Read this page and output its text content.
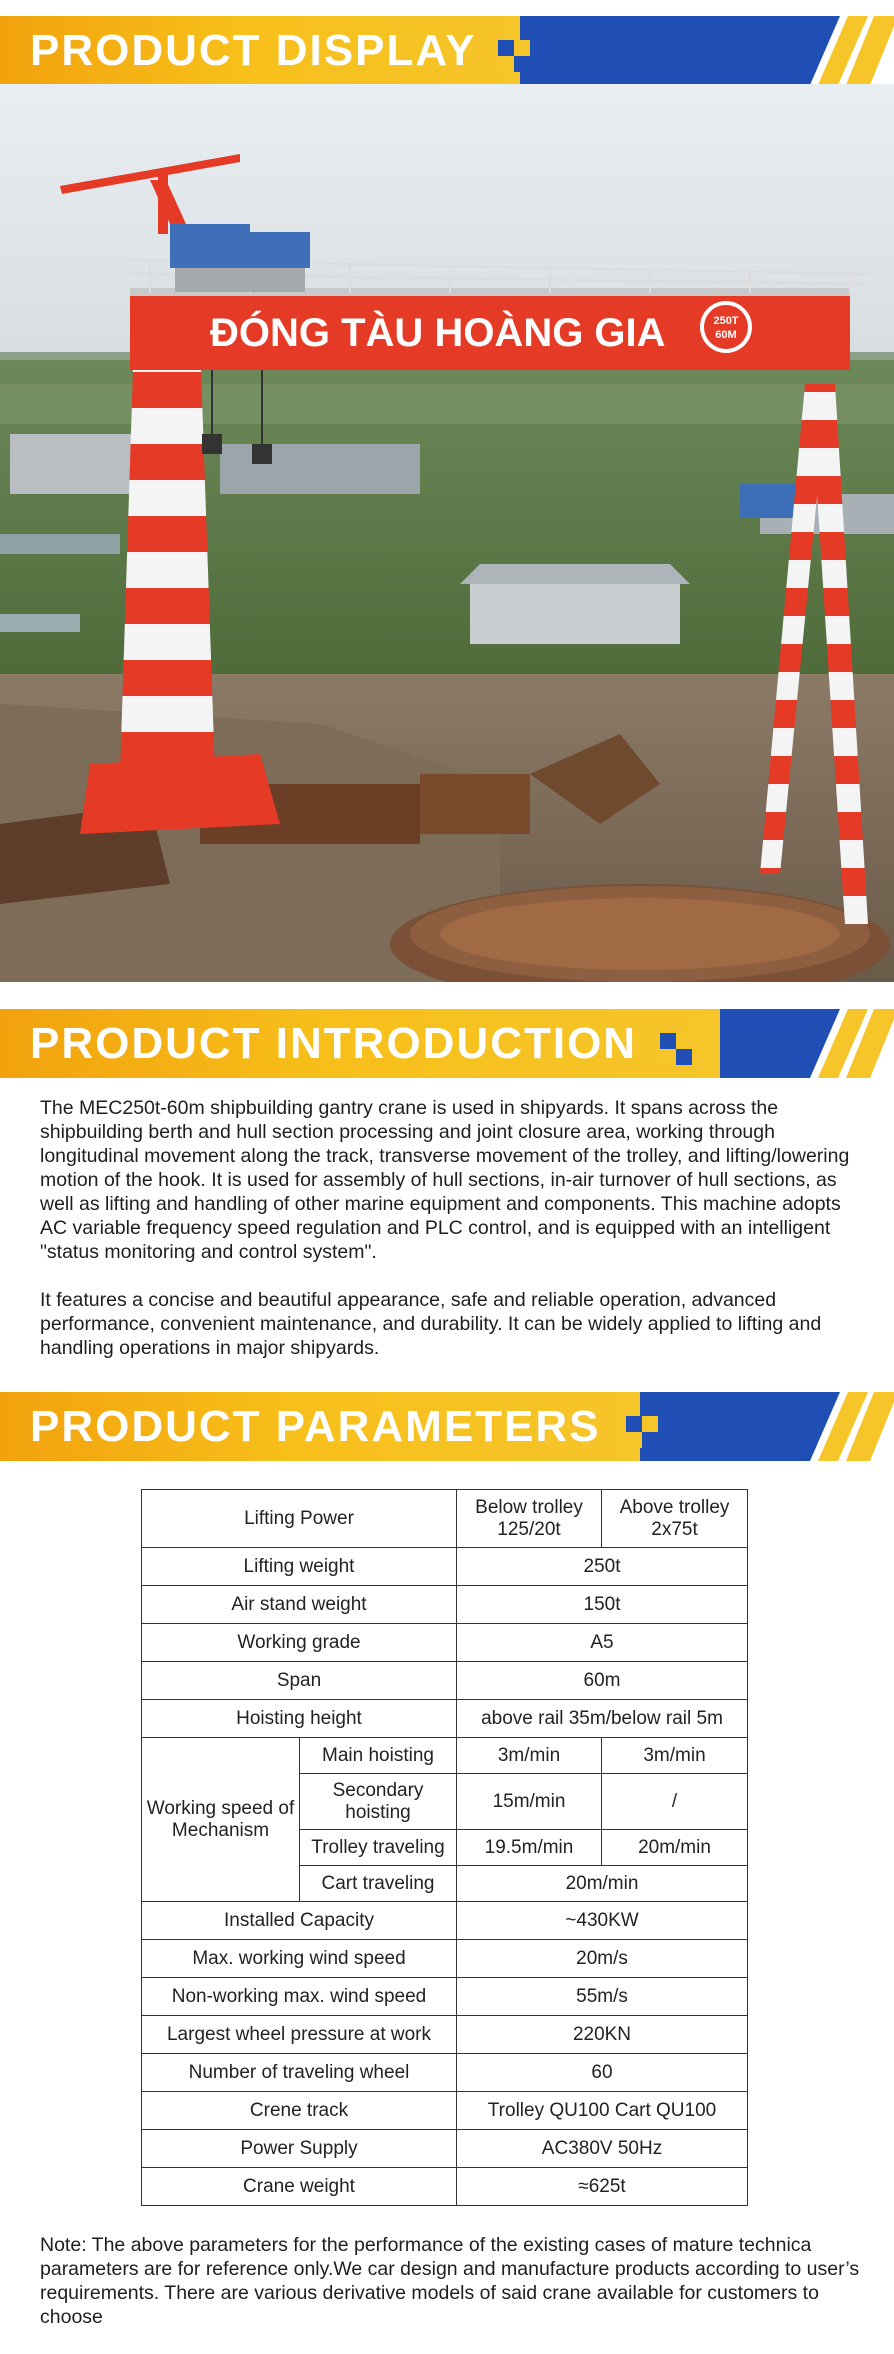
PRODUCT DISPLAY
ĐÓNG TÀU HOÀNG GIA	250T
60M
PRODUCT INTRODUCTION

The MEC250t-60m shipbuilding gantry crane is used in shipyards. It spans across the shipbuilding berth and hull section processing and joint closure area, working through longitudinal movement along the track, transverse movement of the trolley, and lifting/lowering motion of the hook. It is used for assembly of hull sections, in-air turnover of hull sections, as well as lifting and handling of other marine equipment and components. This machine adopts AC variable frequency speed regulation and PLC control, and is equipped with an intelligent "status monitoring and control system".

It features a concise and beautiful appearance, safe and reliable operation, advanced performance, convenient maintenance, and durability. It can be widely applied to lifting and handling operations in major shipyards.

PRODUCT PARAMETERS
Lifting Power		Below trolley 125/20t	Above trolley 2x75t
Lifting weight		250t	
Air stand weight		150t	
Working grade		A5	
Span		60m	
Hoisting height		above rail 35m/below rail 5m	
Working speed of Mechanism	Main hoisting	3m/min	3m/min
	Secondary hoisting	15m/min	/
	Trolley traveling	19.5m/min	20m/min
	Cart traveling	20m/min	
Installed Capacity		~430KW	
Max. working wind speed		20m/s	
Non-working max. wind speed		55m/s	
Largest wheel pressure at work		220KN	
Number of traveling wheel		60	
Crene track		Trolley QU100 Cart QU100	
Power Supply		AC380V 50Hz	
Crane weight		≈625t	
Note: The above parameters for the performance of the existing cases of mature technica parameters are for reference only.We car design and manufacture products according to user’s requirements. There are various derivative models of said crane available for customers to choose
